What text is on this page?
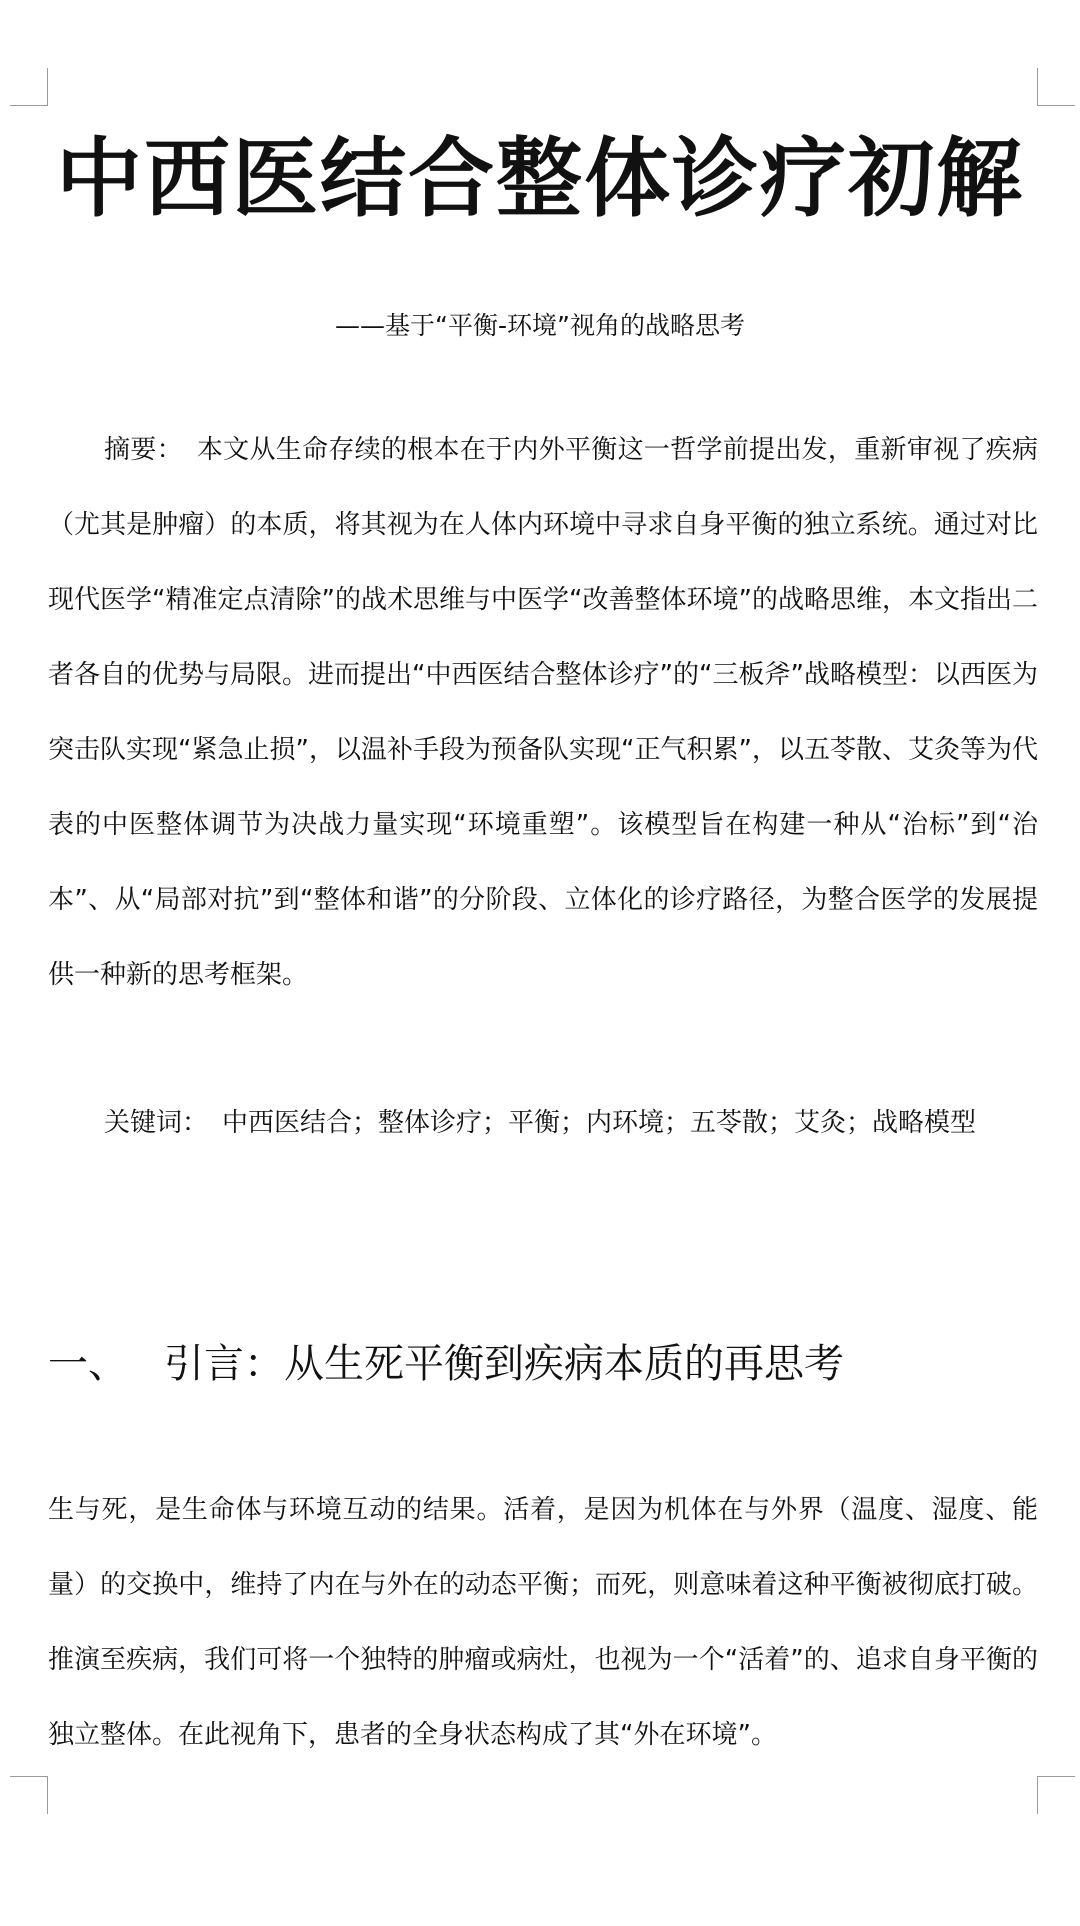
中西医结合整体诊疗初解

——基于“平衡-环境”视角的战略思考

摘要： 本文从生命存续的根本在于内外平衡这一哲学前提出发，重新审视了疾病（尤其是肿瘤）的本质，将其视为在人体内环境中寻求自身平衡的独立系统。通过对比现代医学“精准定点清除”的战术思维与中医学“改善整体环境”的战略思维，本文指出二者各自的优势与局限。进而提出“中西医结合整体诊疗”的“三板斧”战略模型：以西医为突击队实现“紧急止损”，以温补手段为预备队实现“正气积累”，以五苓散、艾灸等为代表的中医整体调节为决战力量实现“环境重塑”。该模型旨在构建一种从“治标”到“治本”、从“局部对抗”到“整体和谐”的分阶段、立体化的诊疗路径，为整合医学的发展提供一种新的思考框架。

关键词： 中西医结合；整体诊疗；平衡；内环境；五苓散；艾灸；战略模型

一、 引言：从生死平衡到疾病本质的再思考

生与死，是生命体与环境互动的结果。活着，是因为机体在与外界（温度、湿度、能量）的交换中，维持了内在与外在的动态平衡；而死，则意味着这种平衡被彻底打破。推演至疾病，我们可将一个独特的肿瘤或病灶，也视为一个“活着”的、追求自身平衡的独立整体。在此视角下，患者的全身状态构成了其“外在环境”。
